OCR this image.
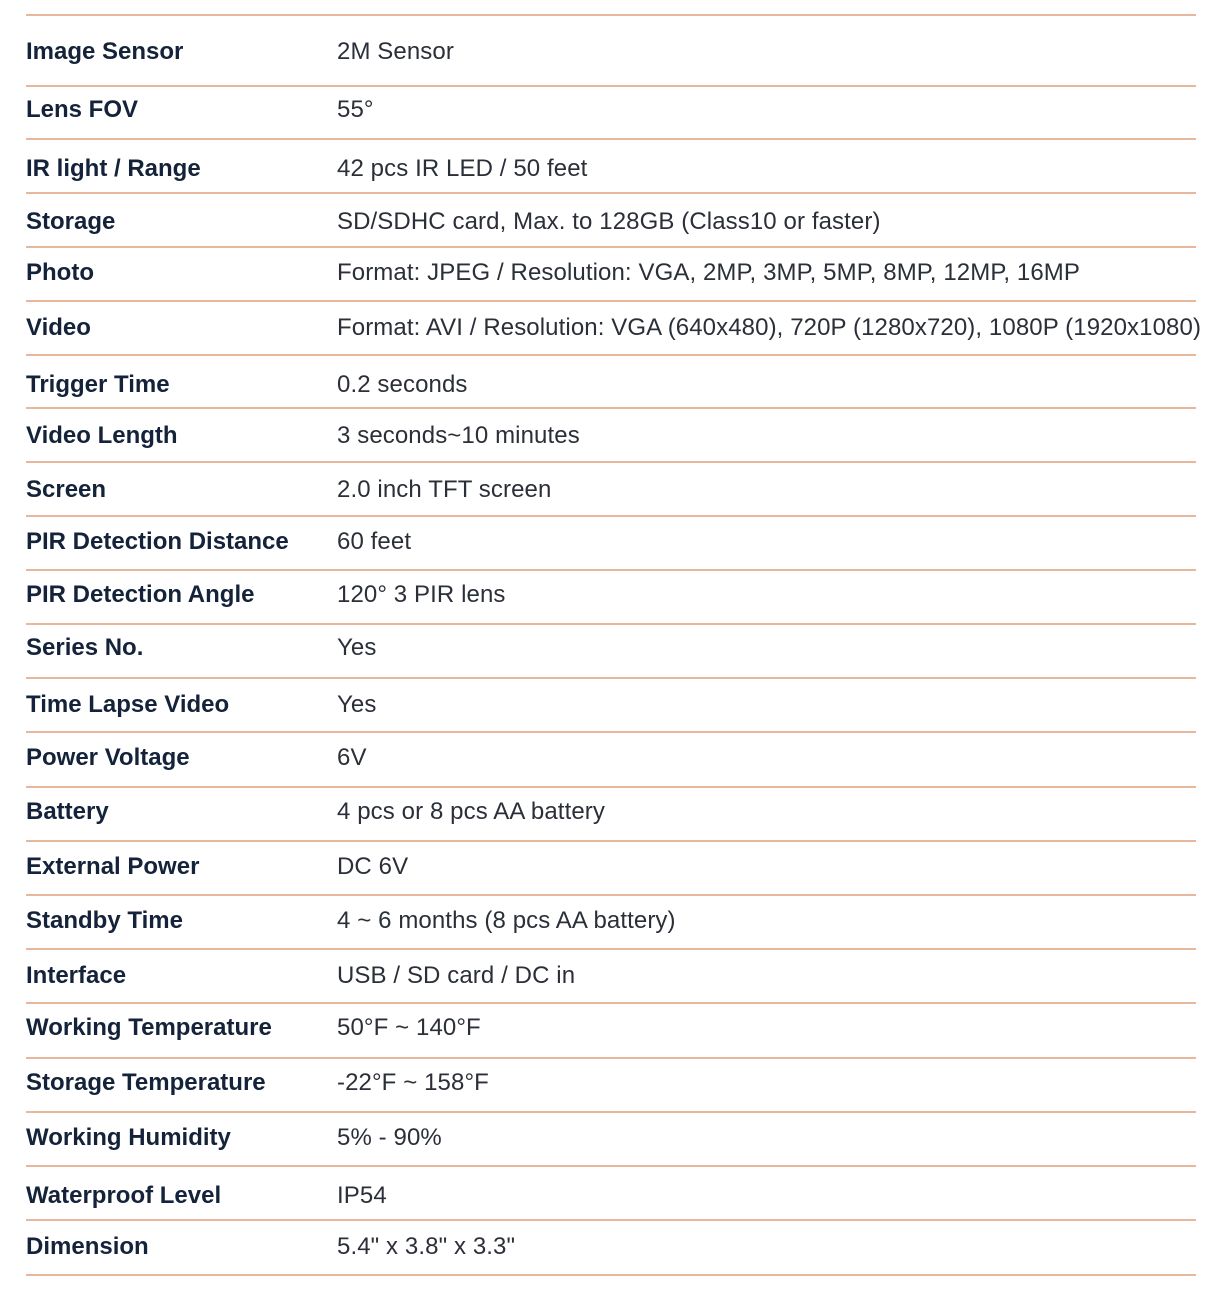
Image Sensor	2M Sensor
Lens FOV	55°
IR light / Range	42 pcs IR LED / 50 feet
Storage	SD/SDHC card, Max. to 128GB (Class10 or faster)
Photo	Format: JPEG / Resolution: VGA, 2MP, 3MP, 5MP, 8MP, 12MP, 16MP
Video	Format: AVI / Resolution: VGA (640x480), 720P (1280x720), 1080P (1920x1080)
Trigger Time	0.2 seconds
Video Length	3 seconds~10 minutes
Screen	2.0 inch TFT screen
PIR Detection Distance	60 feet
PIR Detection Angle	120° 3 PIR lens
Series No.	Yes
Time Lapse Video	Yes
Power Voltage	6V
Battery	4 pcs or 8 pcs AA battery
External Power	DC 6V
Standby Time	4 ~ 6 months (8 pcs AA battery)
Interface	USB / SD card / DC in
Working Temperature	50°F ~ 140°F
Storage Temperature	-22°F ~ 158°F
Working Humidity	5% - 90%
Waterproof Level	IP54
Dimension	5.4" x 3.8" x 3.3"
